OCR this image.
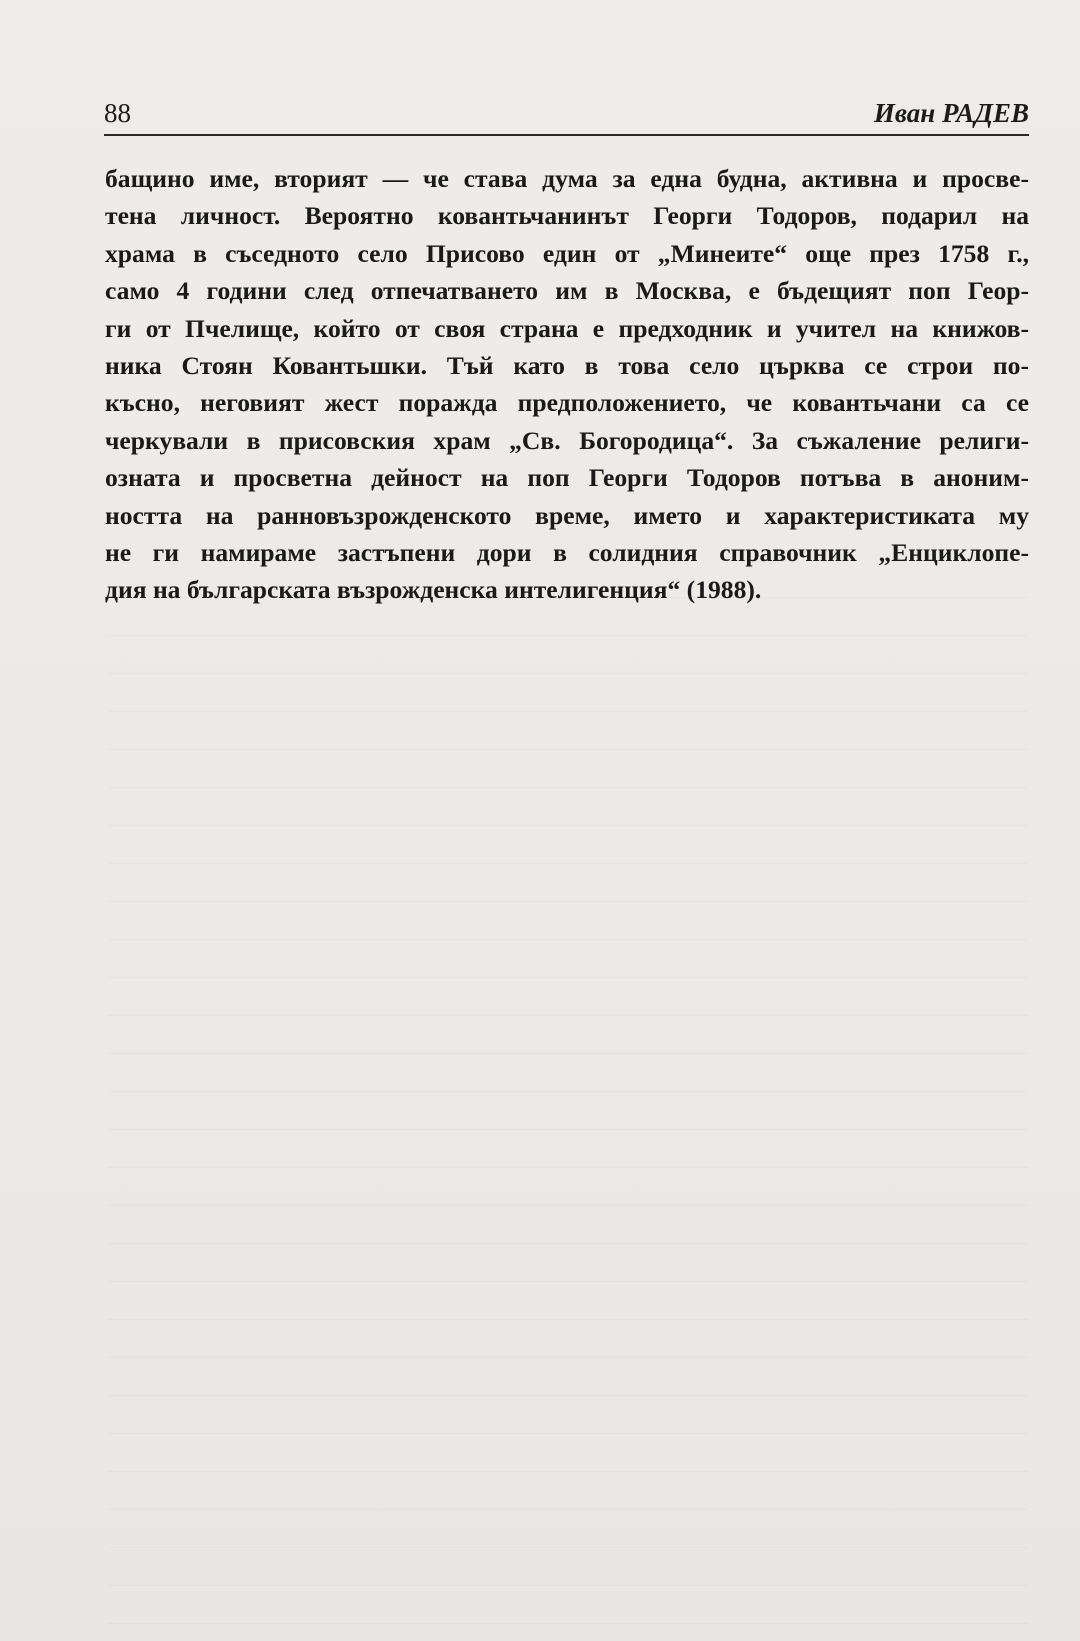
88	Иван РАДЕВ
бащино име, вторият — че става дума за една будна, активна и просве-
тена личност. Вероятно ковантьчанинът Георги Тодоров, подарил на
храма в съседното село Присово един от „Минеите“ още през 1758 г.,
само 4 години след отпечатването им в Москва, е бъдещият поп Геор-
ги от Пчелище, който от своя страна е предходник и учител на книжов-
ника Стоян Ковантьшки. Тъй като в това село църква се строи по-
късно, неговият жест поражда предположението, че ковантьчани са се
черкували в присовския храм „Св. Богородица“. За съжаление религи-
озната и просветна дейност на поп Георги Тодоров потъва в аноним-
ността на ранновъзрожденското време, името и характеристиката му
не ги намираме застъпени дори в солидния справочник „Енциклопе-
дия на българската възрожденска интелигенция“ (1988).
